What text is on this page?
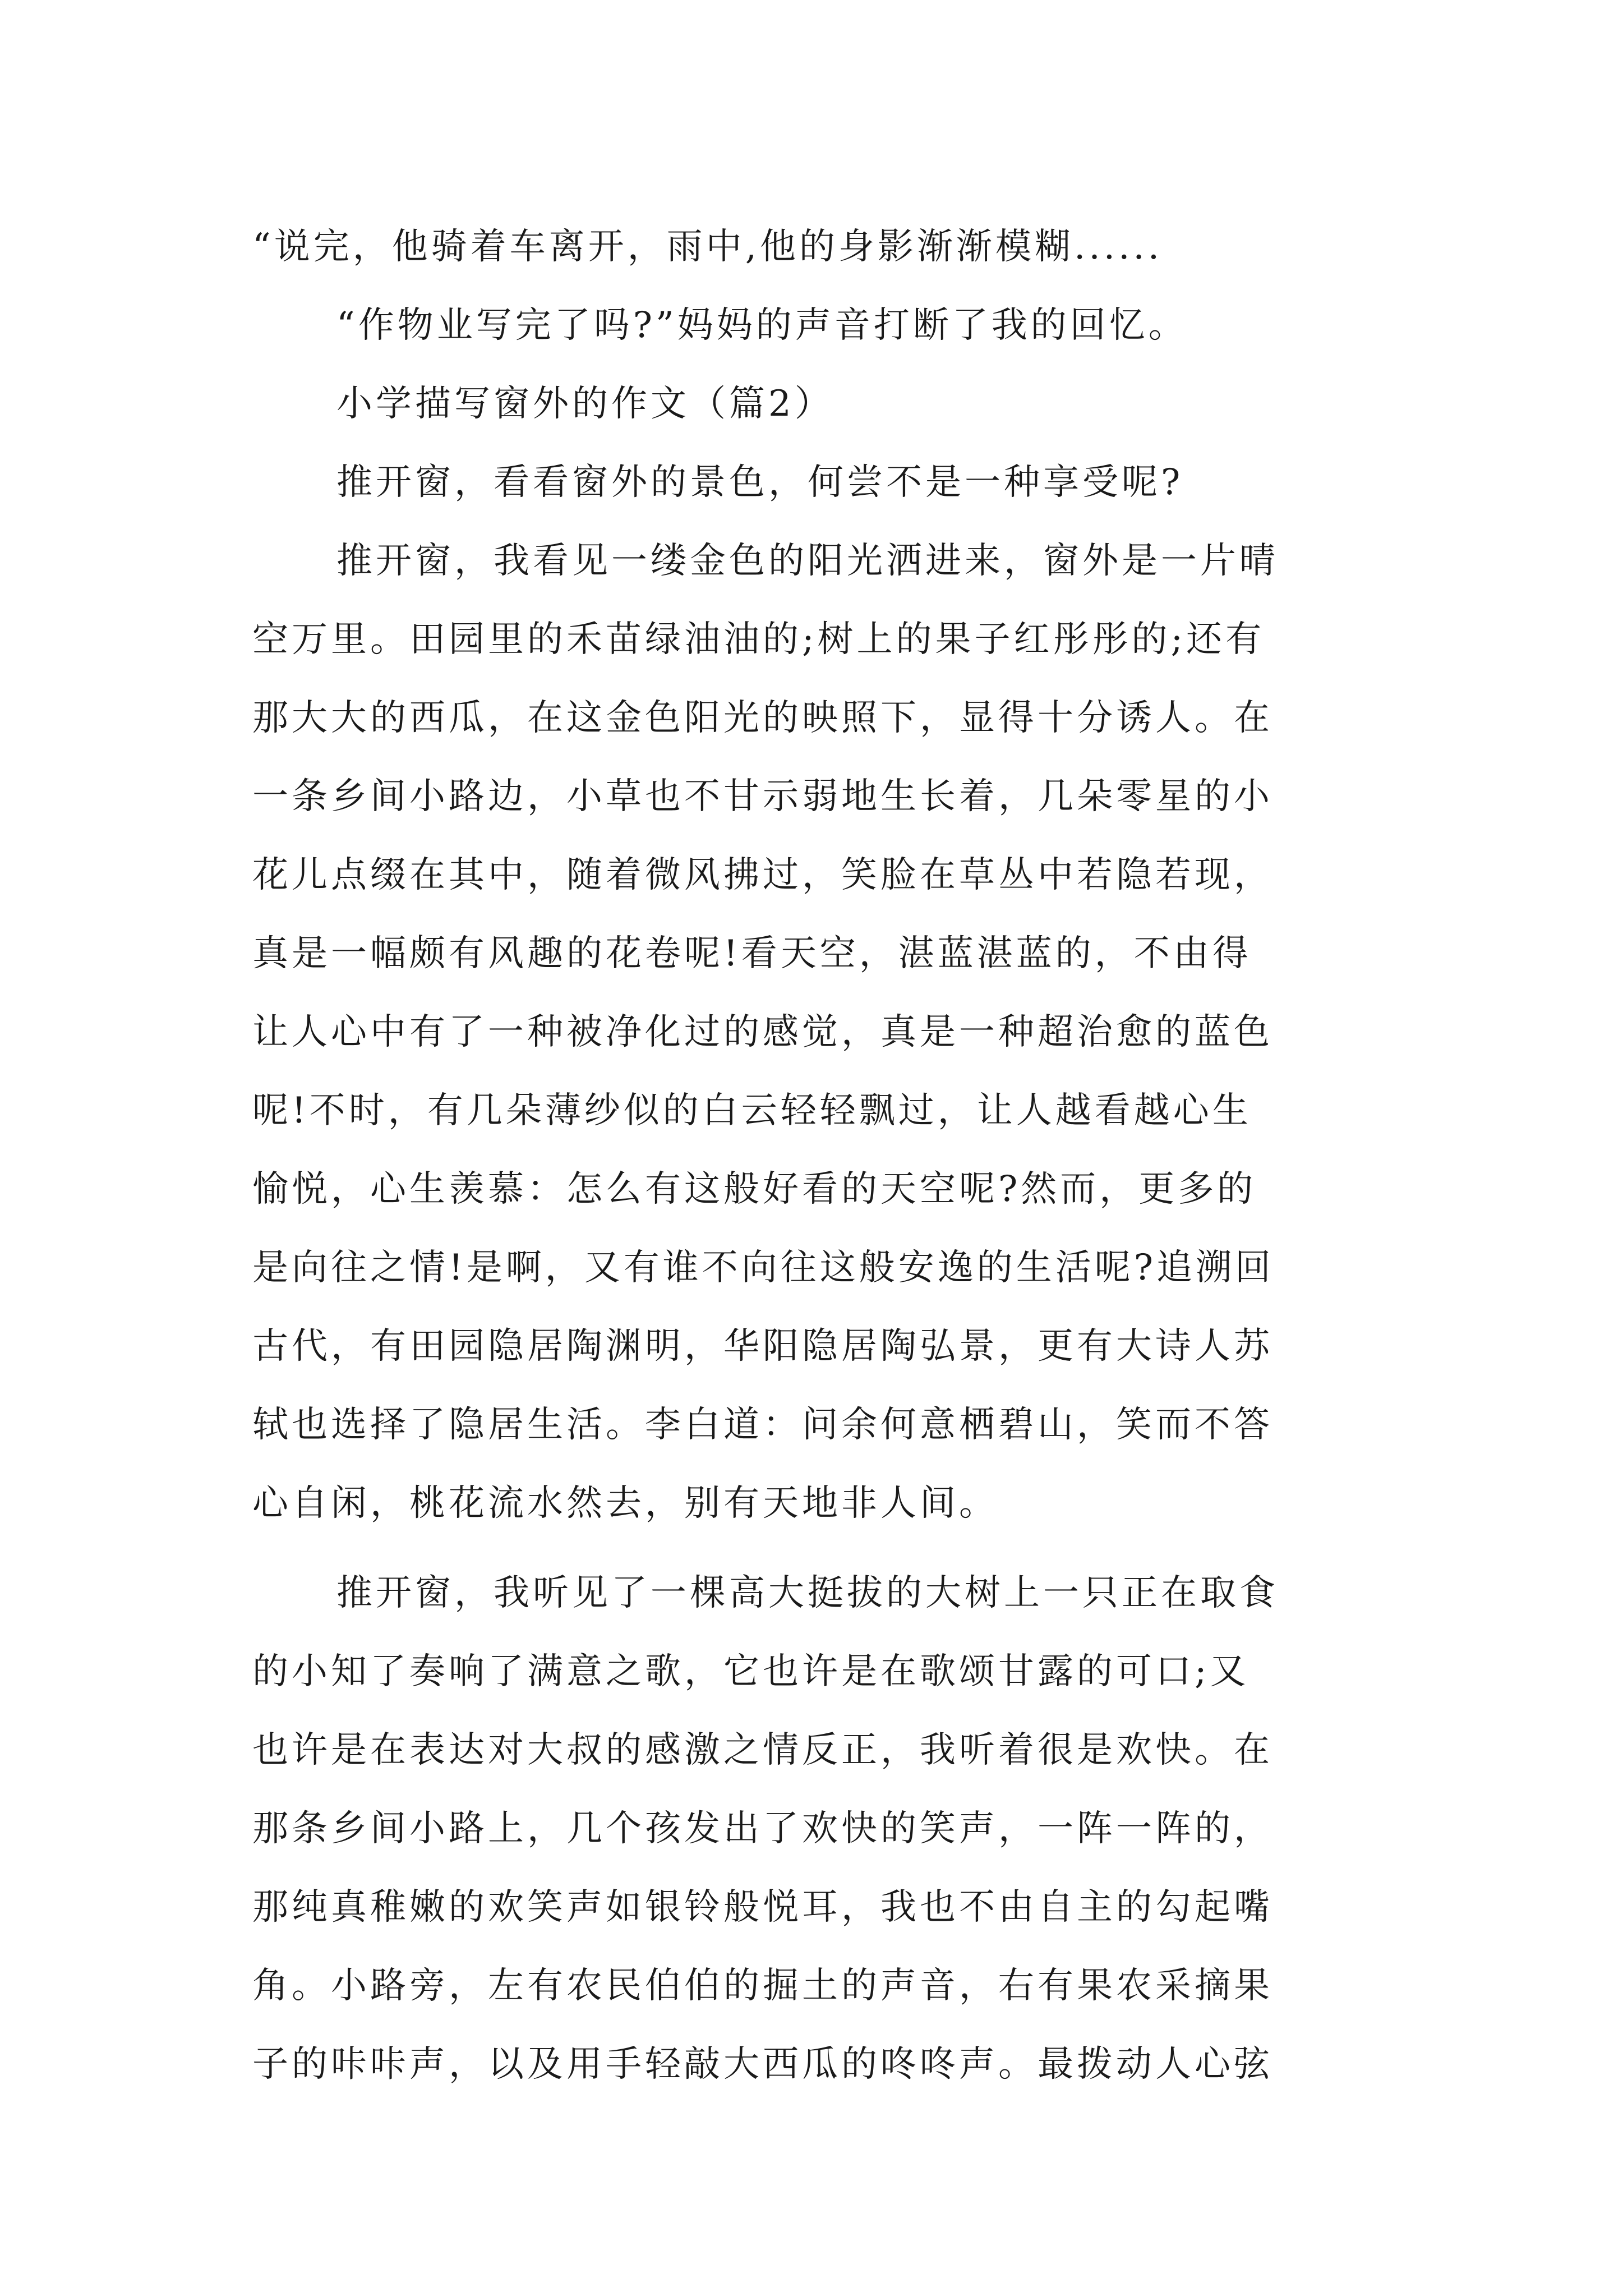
“说完，他骑着车离开，雨中,他的身影渐渐模糊......
“作物业写完了吗?”妈妈的声音打断了我的回忆。
小学描写窗外的作文（篇2）
推开窗，看看窗外的景色，何尝不是一种享受呢?
推开窗，我看见一缕金色的阳光洒进来，窗外是一片晴
空万里。田园里的禾苗绿油油的;树上的果子红彤彤的;还有
那大大的西瓜，在这金色阳光的映照下，显得十分诱人。在
一条乡间小路边，小草也不甘示弱地生长着，几朵零星的小
花儿点缀在其中，随着微风拂过，笑脸在草丛中若隐若现，
真是一幅颇有风趣的花卷呢!看天空，湛蓝湛蓝的，不由得
让人心中有了一种被净化过的感觉，真是一种超治愈的蓝色
呢!不时，有几朵薄纱似的白云轻轻飘过，让人越看越心生
愉悦，心生羡慕：怎么有这般好看的天空呢?然而，更多的
是向往之情!是啊，又有谁不向往这般安逸的生活呢?追溯回
古代，有田园隐居陶渊明，华阳隐居陶弘景，更有大诗人苏
轼也选择了隐居生活。李白道：问余何意栖碧山，笑而不答
心自闲，桃花流水然去，别有天地非人间。
推开窗，我听见了一棵高大挺拔的大树上一只正在取食
的小知了奏响了满意之歌，它也许是在歌颂甘露的可口;又
也许是在表达对大叔的感激之情反正，我听着很是欢快。在
那条乡间小路上，几个孩发出了欢快的笑声，一阵一阵的，
那纯真稚嫩的欢笑声如银铃般悦耳，我也不由自主的勾起嘴
角。小路旁，左有农民伯伯的掘土的声音，右有果农采摘果
子的咔咔声，以及用手轻敲大西瓜的咚咚声。最拨动人心弦
